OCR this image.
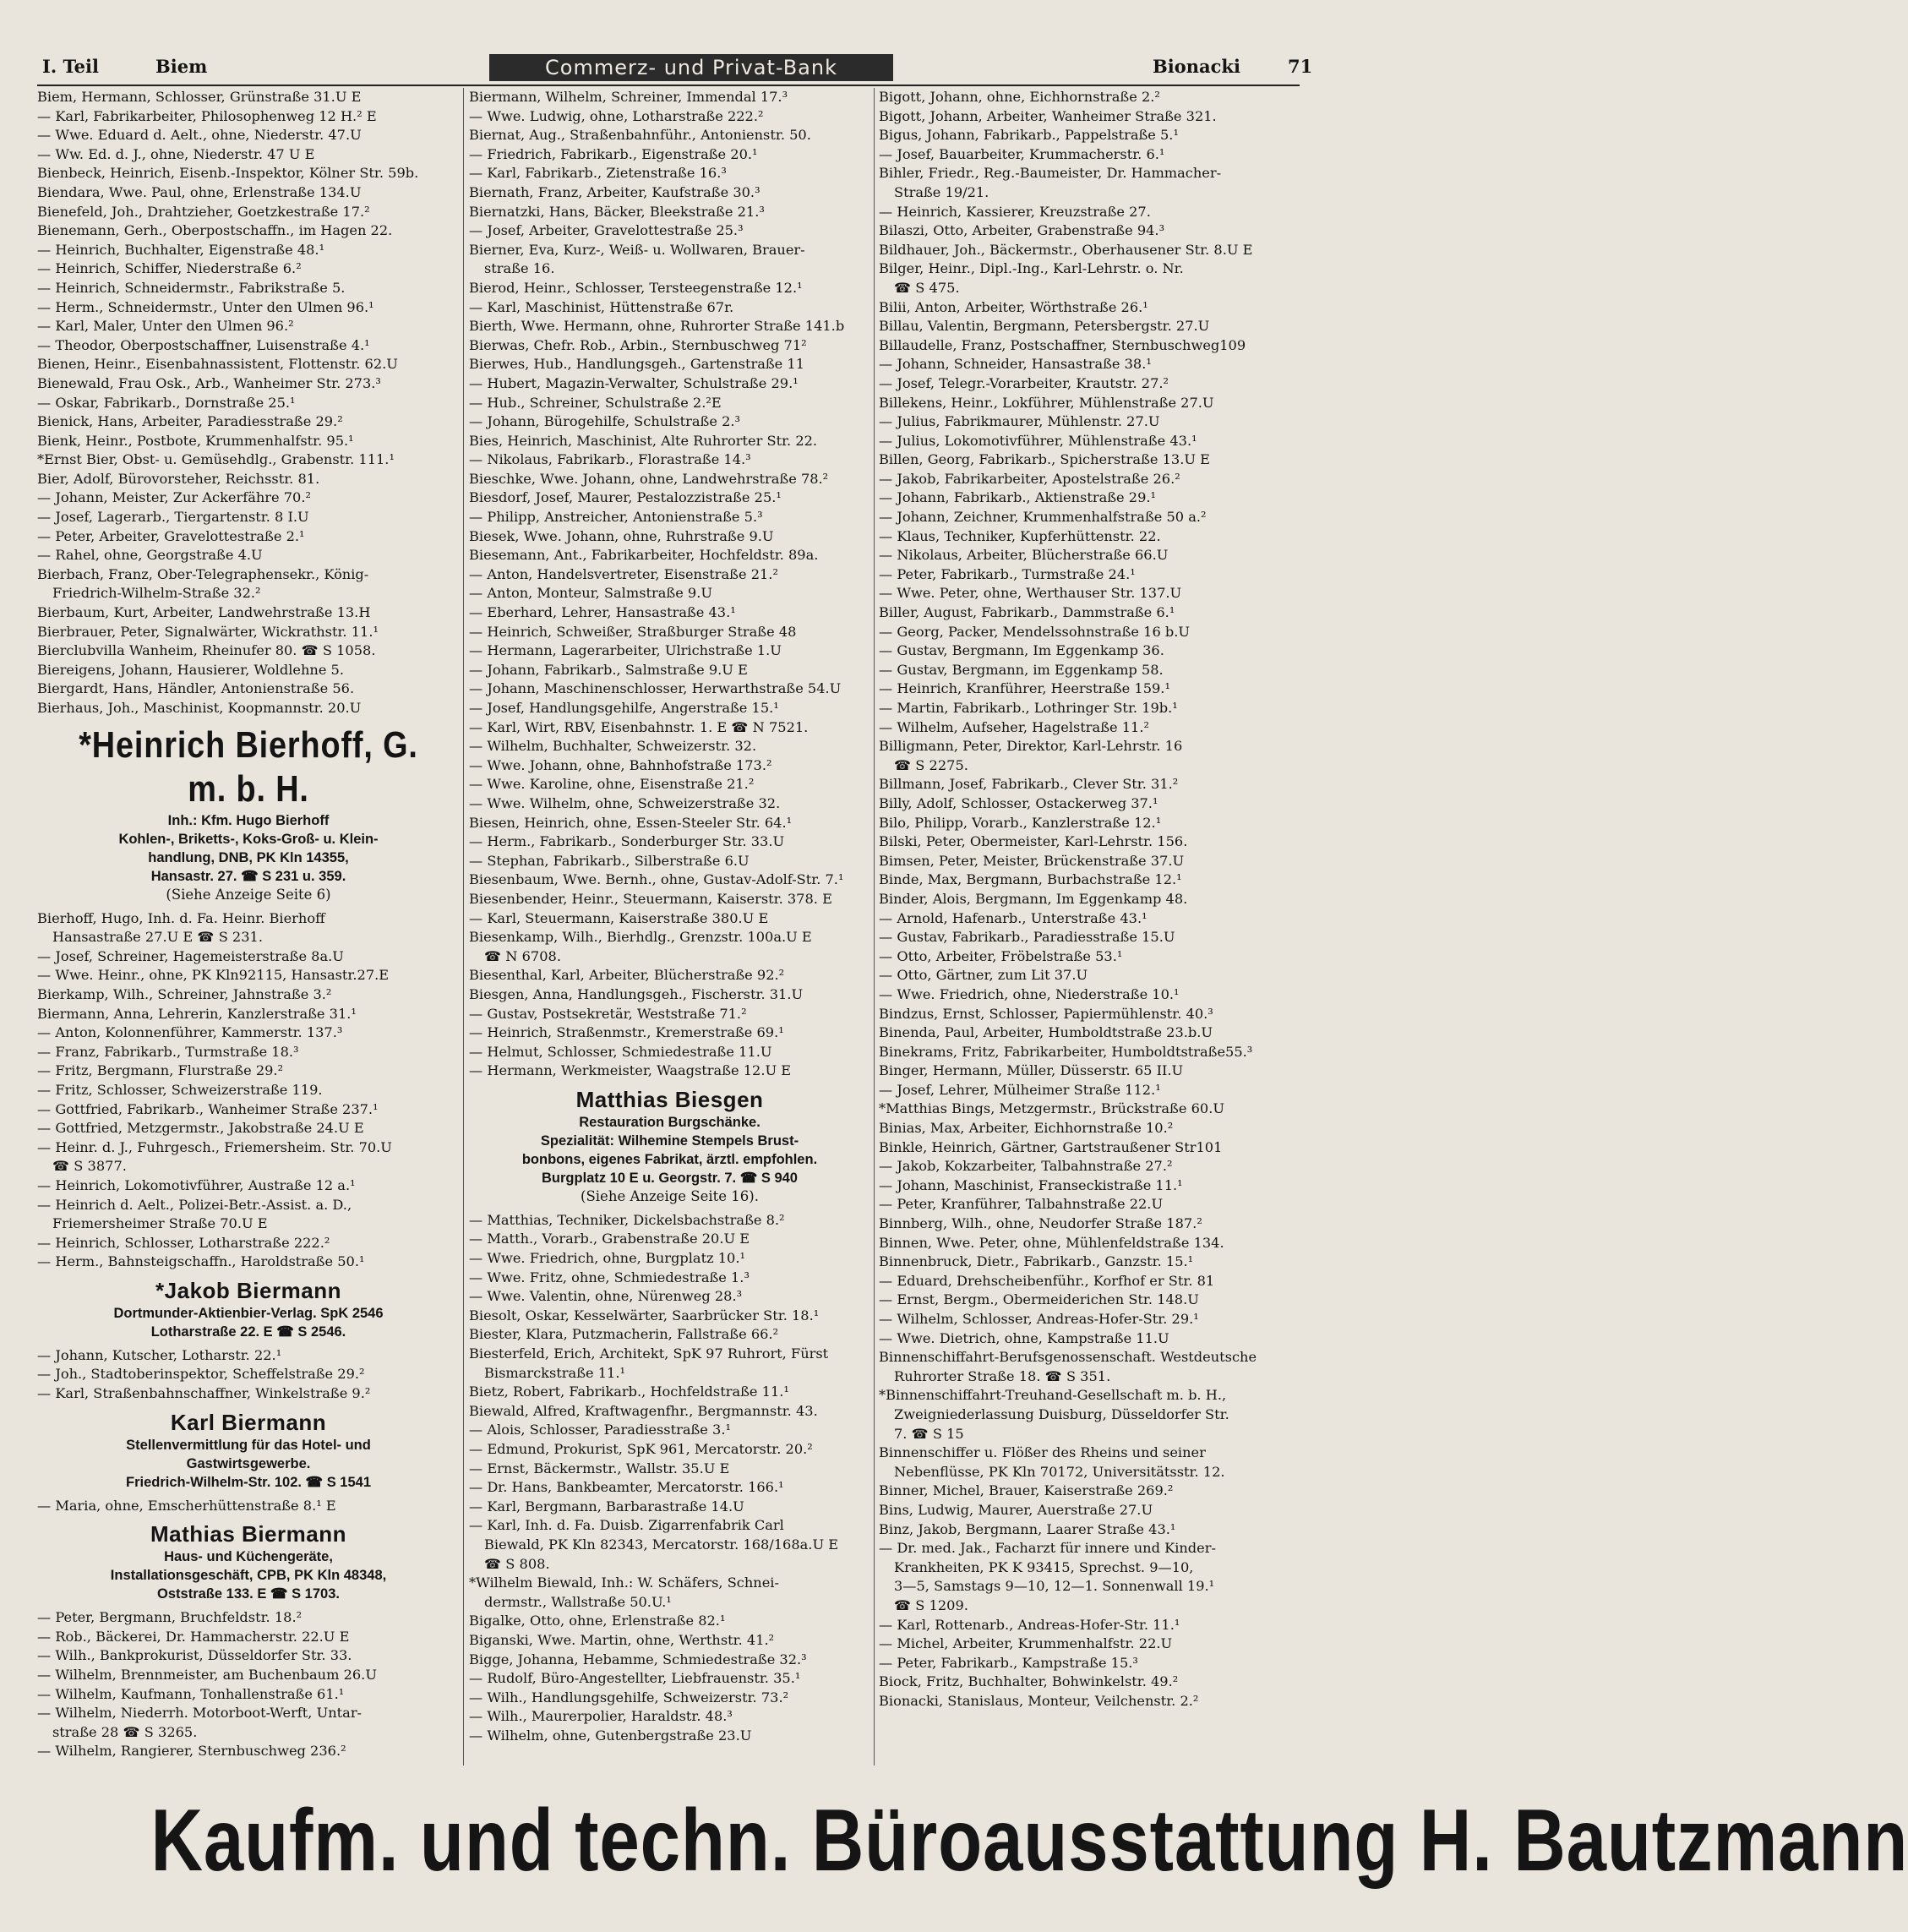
I. Teil	Biem	Commerz- und Privat-Bank	Bionacki	71
Biem, Hermann, Schlosser, Grünstraße 31.U E
— Karl, Fabrikarbeiter, Philosophenweg 12 H.² E
— Wwe. Eduard d. Aelt., ohne, Niederstr. 47.U
— Ww. Ed. d. J., ohne, Niederstr. 47 U E
Bienbeck, Heinrich, Eisenb.-Inspektor, Kölner Str. 59b.
Biendara, Wwe. Paul, ohne, Erlenstraße 134.U
Bienefeld, Joh., Drahtzieher, Goetzkestraße 17.²
Bienemann, Gerh., Oberpostschaffn., im Hagen 22.
— Heinrich, Buchhalter, Eigenstraße 48.¹
— Heinrich, Schiffer, Niederstraße 6.²
— Heinrich, Schneidermstr., Fabrikstraße 5.
— Herm., Schneidermstr., Unter den Ulmen 96.¹
— Karl, Maler, Unter den Ulmen 96.²
— Theodor, Oberpostschaffner, Luisenstraße 4.¹
Bienen, Heinr., Eisenbahnassistent, Flottenstr. 62.U
Bienewald, Frau Osk., Arb., Wanheimer Str. 273.³
— Oskar, Fabrikarb., Dornstraße 25.¹
Bienick, Hans, Arbeiter, Paradiesstraße 29.²
Bienk, Heinr., Postbote, Krummenhalfstr. 95.¹
*Ernst Bier, Obst- u. Gemüsehdlg., Grabenstr. 111.¹
Bier, Adolf, Bürovorsteher, Reichsstr. 81.
— Johann, Meister, Zur Ackerfähre 70.²
— Josef, Lagerarb., Tiergartenstr. 8 I.U
— Peter, Arbeiter, Gravelottestraße 2.¹
— Rahel, ohne, Georgstraße 4.U
Bierbach, Franz, Ober-Telegraphensekr., König-
Friedrich-Wilhelm-Straße 32.²
Bierbaum, Kurt, Arbeiter, Landwehrstraße 13.H
Bierbrauer, Peter, Signalwärter, Wickrathstr. 11.¹
Bierclubvilla Wanheim, Rheinufer 80. ☎ S 1058.
Biereigens, Johann, Hausierer, Woldlehne 5.
Biergardt, Hans, Händler, Antonienstraße 56.
Bierhaus, Joh., Maschinist, Koopmannstr. 20.U
*Heinrich Bierhoff, G. m. b. H.
Inh.: Kfm. Hugo Bierhoff
Kohlen-, Briketts-, Koks-Groß- u. Klein-
handlung, DNB, PK Kln 14355,
Hansastr. 27. ☎ S 231 u. 359.
(Siehe Anzeige Seite 6)
Bierhoff, Hugo, Inh. d. Fa. Heinr. Bierhoff
Hansastraße 27.U E ☎ S 231.
— Josef, Schreiner, Hagemeisterstraße 8a.U
— Wwe. Heinr., ohne, PK Kln92115, Hansastr.27.E
Bierkamp, Wilh., Schreiner, Jahnstraße 3.²
Biermann, Anna, Lehrerin, Kanzlerstraße 31.¹
— Anton, Kolonnenführer, Kammerstr. 137.³
— Franz, Fabrikarb., Turmstraße 18.³
— Fritz, Bergmann, Flurstraße 29.²
— Fritz, Schlosser, Schweizerstraße 119.
— Gottfried, Fabrikarb., Wanheimer Straße 237.¹
— Gottfried, Metzgermstr., Jakobstraße 24.U E
— Heinr. d. J., Fuhrgesch., Friemersheim. Str. 70.U
☎ S 3877.
— Heinrich, Lokomotivführer, Austraße 12 a.¹
— Heinrich d. Aelt., Polizei-Betr.-Assist. a. D.,
Friemersheimer Straße 70.U E
— Heinrich, Schlosser, Lotharstraße 222.²
— Herm., Bahnsteigschaffn., Haroldstraße 50.¹
*Jakob Biermann
Dortmunder-Aktienbier-Verlag. SpK 2546
Lotharstraße 22. E ☎ S 2546.
— Johann, Kutscher, Lotharstr. 22.¹
— Joh., Stadtoberinspektor, Scheffelstraße 29.²
— Karl, Straßenbahnschaffner, Winkelstraße 9.²
Karl Biermann
Stellenvermittlung für das Hotel- und
Gastwirtsgewerbe.
Friedrich-Wilhelm-Str. 102. ☎ S 1541
— Maria, ohne, Emscherhüttenstraße 8.¹ E
Mathias Biermann
Haus- und Küchengeräte,
Installationsgeschäft, CPB, PK Kln 48348,
Oststraße 133. E ☎ S 1703.
— Peter, Bergmann, Bruchfeldstr. 18.²
— Rob., Bäckerei, Dr. Hammacherstr. 22.U E
— Wilh., Bankprokurist, Düsseldorfer Str. 33.
— Wilhelm, Brennmeister, am Buchenbaum 26.U
— Wilhelm, Kaufmann, Tonhallenstraße 61.¹
— Wilhelm, Niederrh. Motorboot-Werft, Untar-
straße 28 ☎ S 3265.
— Wilhelm, Rangierer, Sternbuschweg 236.²
Biermann, Wilhelm, Schreiner, Immendal 17.³
— Wwe. Ludwig, ohne, Lotharstraße 222.²
Biernat, Aug., Straßenbahnführ., Antonienstr. 50.
— Friedrich, Fabrikarb., Eigenstraße 20.¹
— Karl, Fabrikarb., Zietenstraße 16.³
Biernath, Franz, Arbeiter, Kaufstraße 30.³
Biernatzki, Hans, Bäcker, Bleekstraße 21.³
— Josef, Arbeiter, Gravelottestraße 25.³
Bierner, Eva, Kurz-, Weiß- u. Wollwaren, Brauer-
straße 16.
Bierod, Heinr., Schlosser, Tersteegenstraße 12.¹
— Karl, Maschinist, Hüttenstraße 67r.
Bierth, Wwe. Hermann, ohne, Ruhrorter Straße 141.b
Bierwas, Chefr. Rob., Arbin., Sternbuschweg 71²
Bierwes, Hub., Handlungsgeh., Gartenstraße 11
— Hubert, Magazin-Verwalter, Schulstraße 29.¹
— Hub., Schreiner, Schulstraße 2.²E
— Johann, Bürogehilfe, Schulstraße 2.³
Bies, Heinrich, Maschinist, Alte Ruhrorter Str. 22.
— Nikolaus, Fabrikarb., Florastraße 14.³
Bieschke, Wwe. Johann, ohne, Landwehrstraße 78.²
Biesdorf, Josef, Maurer, Pestalozzistraße 25.¹
— Philipp, Anstreicher, Antonienstraße 5.³
Biesek, Wwe. Johann, ohne, Ruhrstraße 9.U
Biesemann, Ant., Fabrikarbeiter, Hochfeldstr. 89a.
— Anton, Handelsvertreter, Eisenstraße 21.²
— Anton, Monteur, Salmstraße 9.U
— Eberhard, Lehrer, Hansastraße 43.¹
— Heinrich, Schweißer, Straßburger Straße 48
— Hermann, Lagerarbeiter, Ulrichstraße 1.U
— Johann, Fabrikarb., Salmstraße 9.U E
— Johann, Maschinenschlosser, Herwarthstraße 54.U
— Josef, Handlungsgehilfe, Angerstraße 15.¹
— Karl, Wirt, RBV, Eisenbahnstr. 1. E ☎ N 7521.
— Wilhelm, Buchhalter, Schweizerstr. 32.
— Wwe. Johann, ohne, Bahnhofstraße 173.²
— Wwe. Karoline, ohne, Eisenstraße 21.²
— Wwe. Wilhelm, ohne, Schweizerstraße 32.
Biesen, Heinrich, ohne, Essen-Steeler Str. 64.¹
— Herm., Fabrikarb., Sonderburger Str. 33.U
— Stephan, Fabrikarb., Silberstraße 6.U
Biesenbaum, Wwe. Bernh., ohne, Gustav-Adolf-Str. 7.¹
Biesenbender, Heinr., Steuermann, Kaiserstr. 378. E
— Karl, Steuermann, Kaiserstraße 380.U E
Biesenkamp, Wilh., Bierhdlg., Grenzstr. 100a.U E
☎ N 6708.
Biesenthal, Karl, Arbeiter, Blücherstraße 92.²
Biesgen, Anna, Handlungsgeh., Fischerstr. 31.U
— Gustav, Postsekretär, Weststraße 71.²
— Heinrich, Straßenmstr., Kremerstraße 69.¹
— Helmut, Schlosser, Schmiedestraße 11.U
— Hermann, Werkmeister, Waagstraße 12.U E
Matthias Biesgen
Restauration Burgschänke.
Spezialität: Wilhemine Stempels Brust-
bonbons, eigenes Fabrikat, ärztl. empfohlen.
Burgplatz 10 E u. Georgstr. 7. ☎ S 940
(Siehe Anzeige Seite 16).
— Matthias, Techniker, Dickelsbachstraße 8.²
— Matth., Vorarb., Grabenstraße 20.U E
— Wwe. Friedrich, ohne, Burgplatz 10.¹
— Wwe. Fritz, ohne, Schmiedestraße 1.³
— Wwe. Valentin, ohne, Nürenweg 28.³
Biesolt, Oskar, Kesselwärter, Saarbrücker Str. 18.¹
Biester, Klara, Putzmacherin, Fallstraße 66.²
Biesterfeld, Erich, Architekt, SpK 97 Ruhrort, Fürst
Bismarckstraße 11.¹
Bietz, Robert, Fabrikarb., Hochfeldstraße 11.¹
Biewald, Alfred, Kraftwagenfhr., Bergmannstr. 43.
— Alois, Schlosser, Paradiesstraße 3.¹
— Edmund, Prokurist, SpK 961, Mercatorstr. 20.²
— Ernst, Bäckermstr., Wallstr. 35.U E
— Dr. Hans, Bankbeamter, Mercatorstr. 166.¹
— Karl, Bergmann, Barbarastraße 14.U
— Karl, Inh. d. Fa. Duisb. Zigarrenfabrik Carl
Biewald, PK Kln 82343, Mercatorstr. 168/168a.U E
☎ S 808.
*Wilhelm Biewald, Inh.: W. Schäfers, Schnei-
dermstr., Wallstraße 50.U.¹
Bigalke, Otto, ohne, Erlenstraße 82.¹
Biganski, Wwe. Martin, ohne, Werthstr. 41.²
Bigge, Johanna, Hebamme, Schmiedestraße 32.³
— Rudolf, Büro-Angestellter, Liebfrauenstr. 35.¹
— Wilh., Handlungsgehilfe, Schweizerstr. 73.²
— Wilh., Maurerpolier, Haraldstr. 48.³
— Wilhelm, ohne, Gutenbergstraße 23.U
Bigott, Johann, ohne, Eichhornstraße 2.²
Bigott, Johann, Arbeiter, Wanheimer Straße 321.
Bigus, Johann, Fabrikarb., Pappelstraße 5.¹
— Josef, Bauarbeiter, Krummacherstr. 6.¹
Bihler, Friedr., Reg.-Baumeister, Dr. Hammacher-
Straße 19/21.
— Heinrich, Kassierer, Kreuzstraße 27.
Bilaszi, Otto, Arbeiter, Grabenstraße 94.³
Bildhauer, Joh., Bäckermstr., Oberhausener Str. 8.U E
Bilger, Heinr., Dipl.-Ing., Karl-Lehrstr. o. Nr.
☎ S 475.
Bilii, Anton, Arbeiter, Wörthstraße 26.¹
Billau, Valentin, Bergmann, Petersbergstr. 27.U
Billaudelle, Franz, Postschaffner, Sternbuschweg109
— Johann, Schneider, Hansastraße 38.¹
— Josef, Telegr.-Vorarbeiter, Krautstr. 27.²
Billekens, Heinr., Lokführer, Mühlenstraße 27.U
— Julius, Fabrikmaurer, Mühlenstr. 27.U
— Julius, Lokomotivführer, Mühlenstraße 43.¹
Billen, Georg, Fabrikarb., Spicherstraße 13.U E
— Jakob, Fabrikarbeiter, Apostelstraße 26.²
— Johann, Fabrikarb., Aktienstraße 29.¹
— Johann, Zeichner, Krummenhalfstraße 50 a.²
— Klaus, Techniker, Kupferhüttenstr. 22.
— Nikolaus, Arbeiter, Blücherstraße 66.U
— Peter, Fabrikarb., Turmstraße 24.¹
— Wwe. Peter, ohne, Werthauser Str. 137.U
Biller, August, Fabrikarb., Dammstraße 6.¹
— Georg, Packer, Mendelssohnstraße 16 b.U
— Gustav, Bergmann, Im Eggenkamp 36.
— Gustav, Bergmann, im Eggenkamp 58.
— Heinrich, Kranführer, Heerstraße 159.¹
— Martin, Fabrikarb., Lothringer Str. 19b.¹
— Wilhelm, Aufseher, Hagelstraße 11.²
Billigmann, Peter, Direktor, Karl-Lehrstr. 16
☎ S 2275.
Billmann, Josef, Fabrikarb., Clever Str. 31.²
Billy, Adolf, Schlosser, Ostackerweg 37.¹
Bilo, Philipp, Vorarb., Kanzlerstraße 12.¹
Bilski, Peter, Obermeister, Karl-Lehrstr. 156.
Bimsen, Peter, Meister, Brückenstraße 37.U
Binde, Max, Bergmann, Burbachstraße 12.¹
Binder, Alois, Bergmann, Im Eggenkamp 48.
— Arnold, Hafenarb., Unterstraße 43.¹
— Gustav, Fabrikarb., Paradiesstraße 15.U
— Otto, Arbeiter, Fröbelstraße 53.¹
— Otto, Gärtner, zum Lit 37.U
— Wwe. Friedrich, ohne, Niederstraße 10.¹
Bindzus, Ernst, Schlosser, Papiermühlenstr. 40.³
Binenda, Paul, Arbeiter, Humboldtstraße 23.b.U
Binekrams, Fritz, Fabrikarbeiter, Humboldtstraße55.³
Binger, Hermann, Müller, Düsserstr. 65 II.U
— Josef, Lehrer, Mülheimer Straße 112.¹
*Matthias Bings, Metzgermstr., Brückstraße 60.U
Binias, Max, Arbeiter, Eichhornstraße 10.²
Binkle, Heinrich, Gärtner, Gartstraußener Str101
— Jakob, Kokzarbeiter, Talbahnstraße 27.²
— Johann, Maschinist, Franseckistraße 11.¹
— Peter, Kranführer, Talbahnstraße 22.U
Binnberg, Wilh., ohne, Neudorfer Straße 187.²
Binnen, Wwe. Peter, ohne, Mühlenfeldstraße 134.
Binnenbruck, Dietr., Fabrikarb., Ganzstr. 15.¹
— Eduard, Drehscheibenführ., Korfhof er Str. 81
— Ernst, Bergm., Obermeiderichen Str. 148.U
— Wilhelm, Schlosser, Andreas-Hofer-Str. 29.¹
— Wwe. Dietrich, ohne, Kampstraße 11.U
Binnenschiffahrt-Berufsgenossenschaft. Westdeutsche
Ruhrorter Straße 18. ☎ S 351.
*Binnenschiffahrt-Treuhand-Gesellschaft m. b. H.,
Zweigniederlassung Duisburg, Düsseldorfer Str.
7. ☎ S 15
Binnenschiffer u. Flößer des Rheins und seiner
Nebenflüsse, PK Kln 70172, Universitätsstr. 12.
Binner, Michel, Brauer, Kaiserstraße 269.²
Bins, Ludwig, Maurer, Auerstraße 27.U
Binz, Jakob, Bergmann, Laarer Straße 43.¹
— Dr. med. Jak., Facharzt für innere und Kinder-
Krankheiten, PK K 93415, Sprechst. 9—10,
3—5, Samstags 9—10, 12—1. Sonnenwall 19.¹
☎ S 1209.
— Karl, Rottenarb., Andreas-Hofer-Str. 11.¹
— Michel, Arbeiter, Krummenhalfstr. 22.U
— Peter, Fabrikarb., Kampstraße 15.³
Biock, Fritz, Buchhalter, Bohwinkelstr. 49.²
Bionacki, Stanislaus, Monteur, Veilchenstr. 2.²
Kaufm. und techn. Büroausstattung H. Bautzmann
